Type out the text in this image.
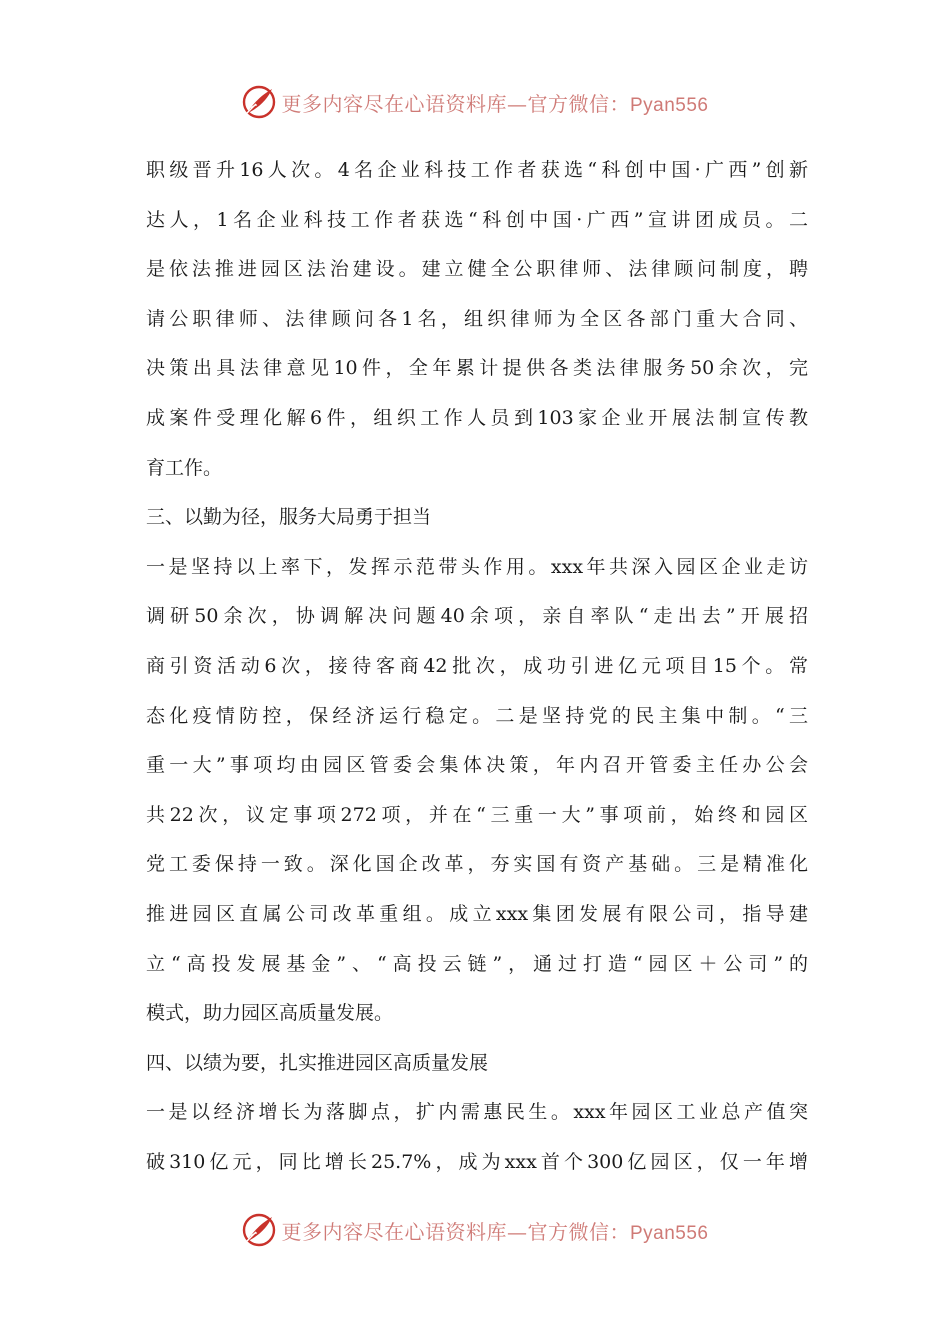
更多内容尽在心语资料库—官方微信：Pyan556
职级晋升16人次。4名企业科技工作者获选“科创中国·广西”创新
达人，1名企业科技工作者获选“科创中国·广西”宣讲团成员。二
是依法推进园区法治建设。建立健全公职律师、法律顾问制度，聘
请公职律师、法律顾问各1名，组织律师为全区各部门重大合同、
决策出具法律意见10件，全年累计提供各类法律服务50余次，完
成案件受理化解6件，组织工作人员到103家企业开展法制宣传教
育工作。
三、以勤为径，服务大局勇于担当
一是坚持以上率下，发挥示范带头作用。xxx年共深入园区企业走访
调研50余次，协调解决问题40余项，亲自率队“走出去”开展招
商引资活动6次，接待客商42批次，成功引进亿元项目15个。常
态化疫情防控，保经济运行稳定。二是坚持党的民主集中制。“三
重一大”事项均由园区管委会集体决策，年内召开管委主任办公会
共22次，议定事项272项，并在“三重一大”事项前，始终和园区
党工委保持一致。深化国企改革，夯实国有资产基础。三是精准化
推进园区直属公司改革重组。成立xxx集团发展有限公司，指导建
立“高投发展基金”、“高投云链”，通过打造“园区＋公司”的
模式，助力园区高质量发展。
四、以绩为要，扎实推进园区高质量发展
一是以经济增长为落脚点，扩内需惠民生。xxx年园区工业总产值突
破310亿元，同比增长25.7%，成为xxx首个300亿园区，仅一年增
更多内容尽在心语资料库—官方微信：Pyan556
